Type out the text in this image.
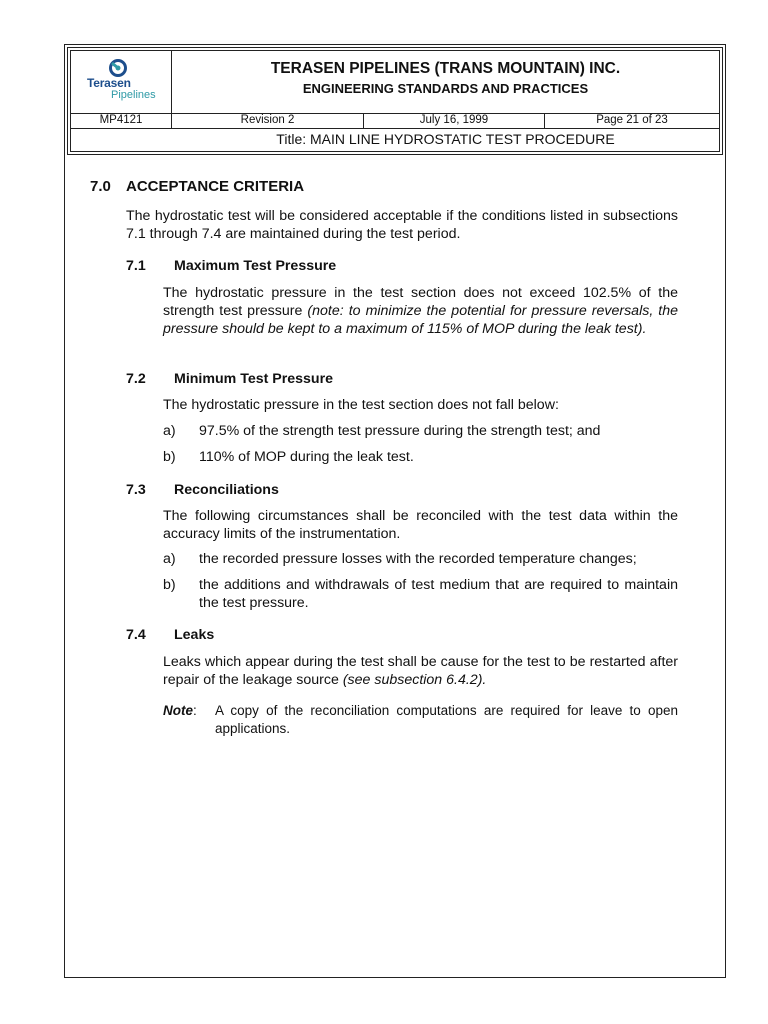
Terasen
Pipelines
TERASEN PIPELINES (TRANS MOUNTAIN) INC.
ENGINEERING STANDARDS AND PRACTICES
MP4121	Revision 2	July 16, 1999	Page 21 of 23
Title: MAIN LINE HYDROSTATIC TEST PROCEDURE
7.0 ACCEPTANCE CRITERIA
The hydrostatic test will be considered acceptable if the conditions listed in subsections 7.1 through 7.4 are maintained during the test period.
7.1 Maximum Test Pressure
The hydrostatic pressure in the test section does not exceed 102.5% of the strength test pressure (note: to minimize the potential for pressure reversals, the pressure should be kept to a maximum of 115% of MOP during the leak test).
7.2 Minimum Test Pressure
The hydrostatic pressure in the test section does not fall below:
a) 97.5% of the strength test pressure during the strength test; and
b) 110% of MOP during the leak test.
7.3 Reconciliations
The following circumstances shall be reconciled with the test data within the accuracy limits of the instrumentation.
a) the recorded pressure losses with the recorded temperature changes;
b) the additions and withdrawals of test medium that are required to maintain the test pressure.
7.4 Leaks
Leaks which appear during the test shall be cause for the test to be restarted after repair of the leakage source (see subsection 6.4.2).
Note: A copy of the reconciliation computations are required for leave to open applications.
